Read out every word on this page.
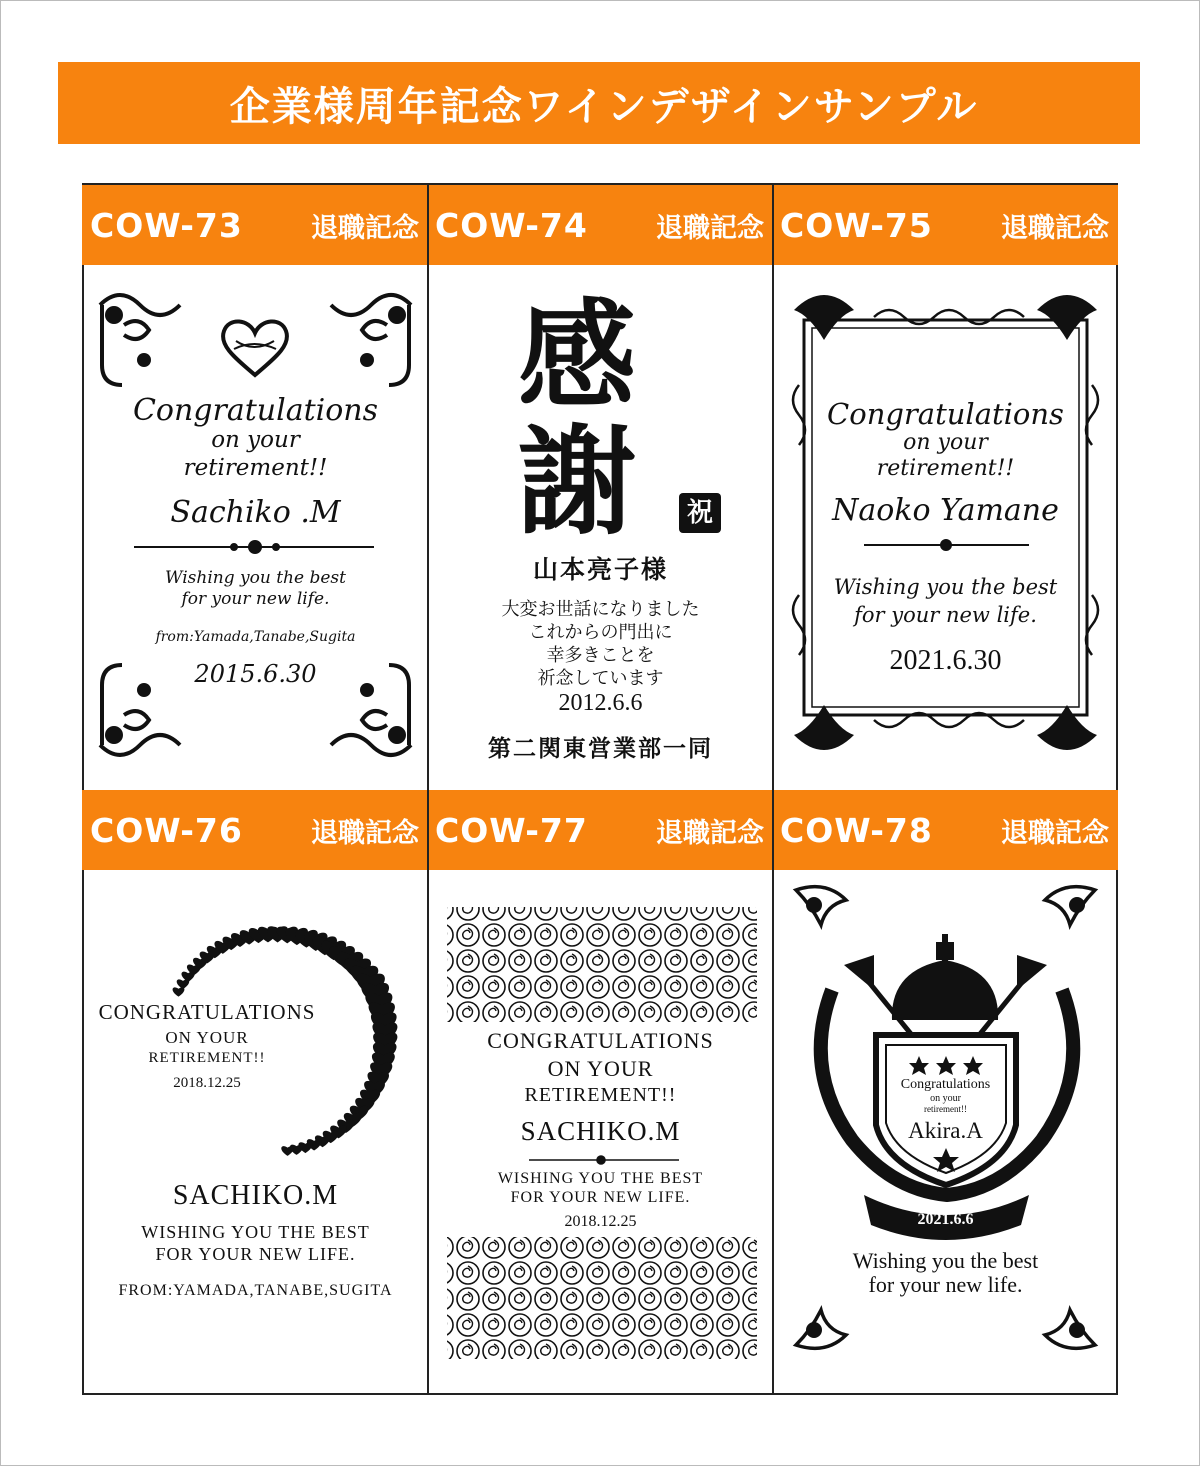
企業様周年記念ワインデザインサンプル
COW-73	退職記念 COW-74	退職記念 COW-75	退職記念
COW-76	退職記念 COW-77	退職記念 COW-78	退職記念
Congratulations
on your
retirement!!
Sachiko .M
Wishing you the best
for your new life.
from:Yamada,Tanabe,Sugita
2015.6.30
感謝	祝
山本亮子様
大変お世話になりました
これからの門出に
幸多きことを
祈念しています
2012.6.6
第二関東営業部一同
Congratulations
on your
retirement!!
Naoko Yamane
Wishing you the best
for your new life.
2021.6.30
CONGRATULATIONS
ON YOUR
RETIREMENT!!
2018.12.25
SACHIKO.M
WISHING YOU THE BEST
FOR YOUR NEW LIFE.
FROM:YAMADA,TANABE,SUGITA
CONGRATULATIONS
ON YOUR
RETIREMENT!!
SACHIKO.M
WISHING YOU THE BEST
FOR YOUR NEW LIFE.
2018.12.25
Congratulations
on your
retirement!!
Akira.A
2021.6.6
Wishing you the best
for your new life.
